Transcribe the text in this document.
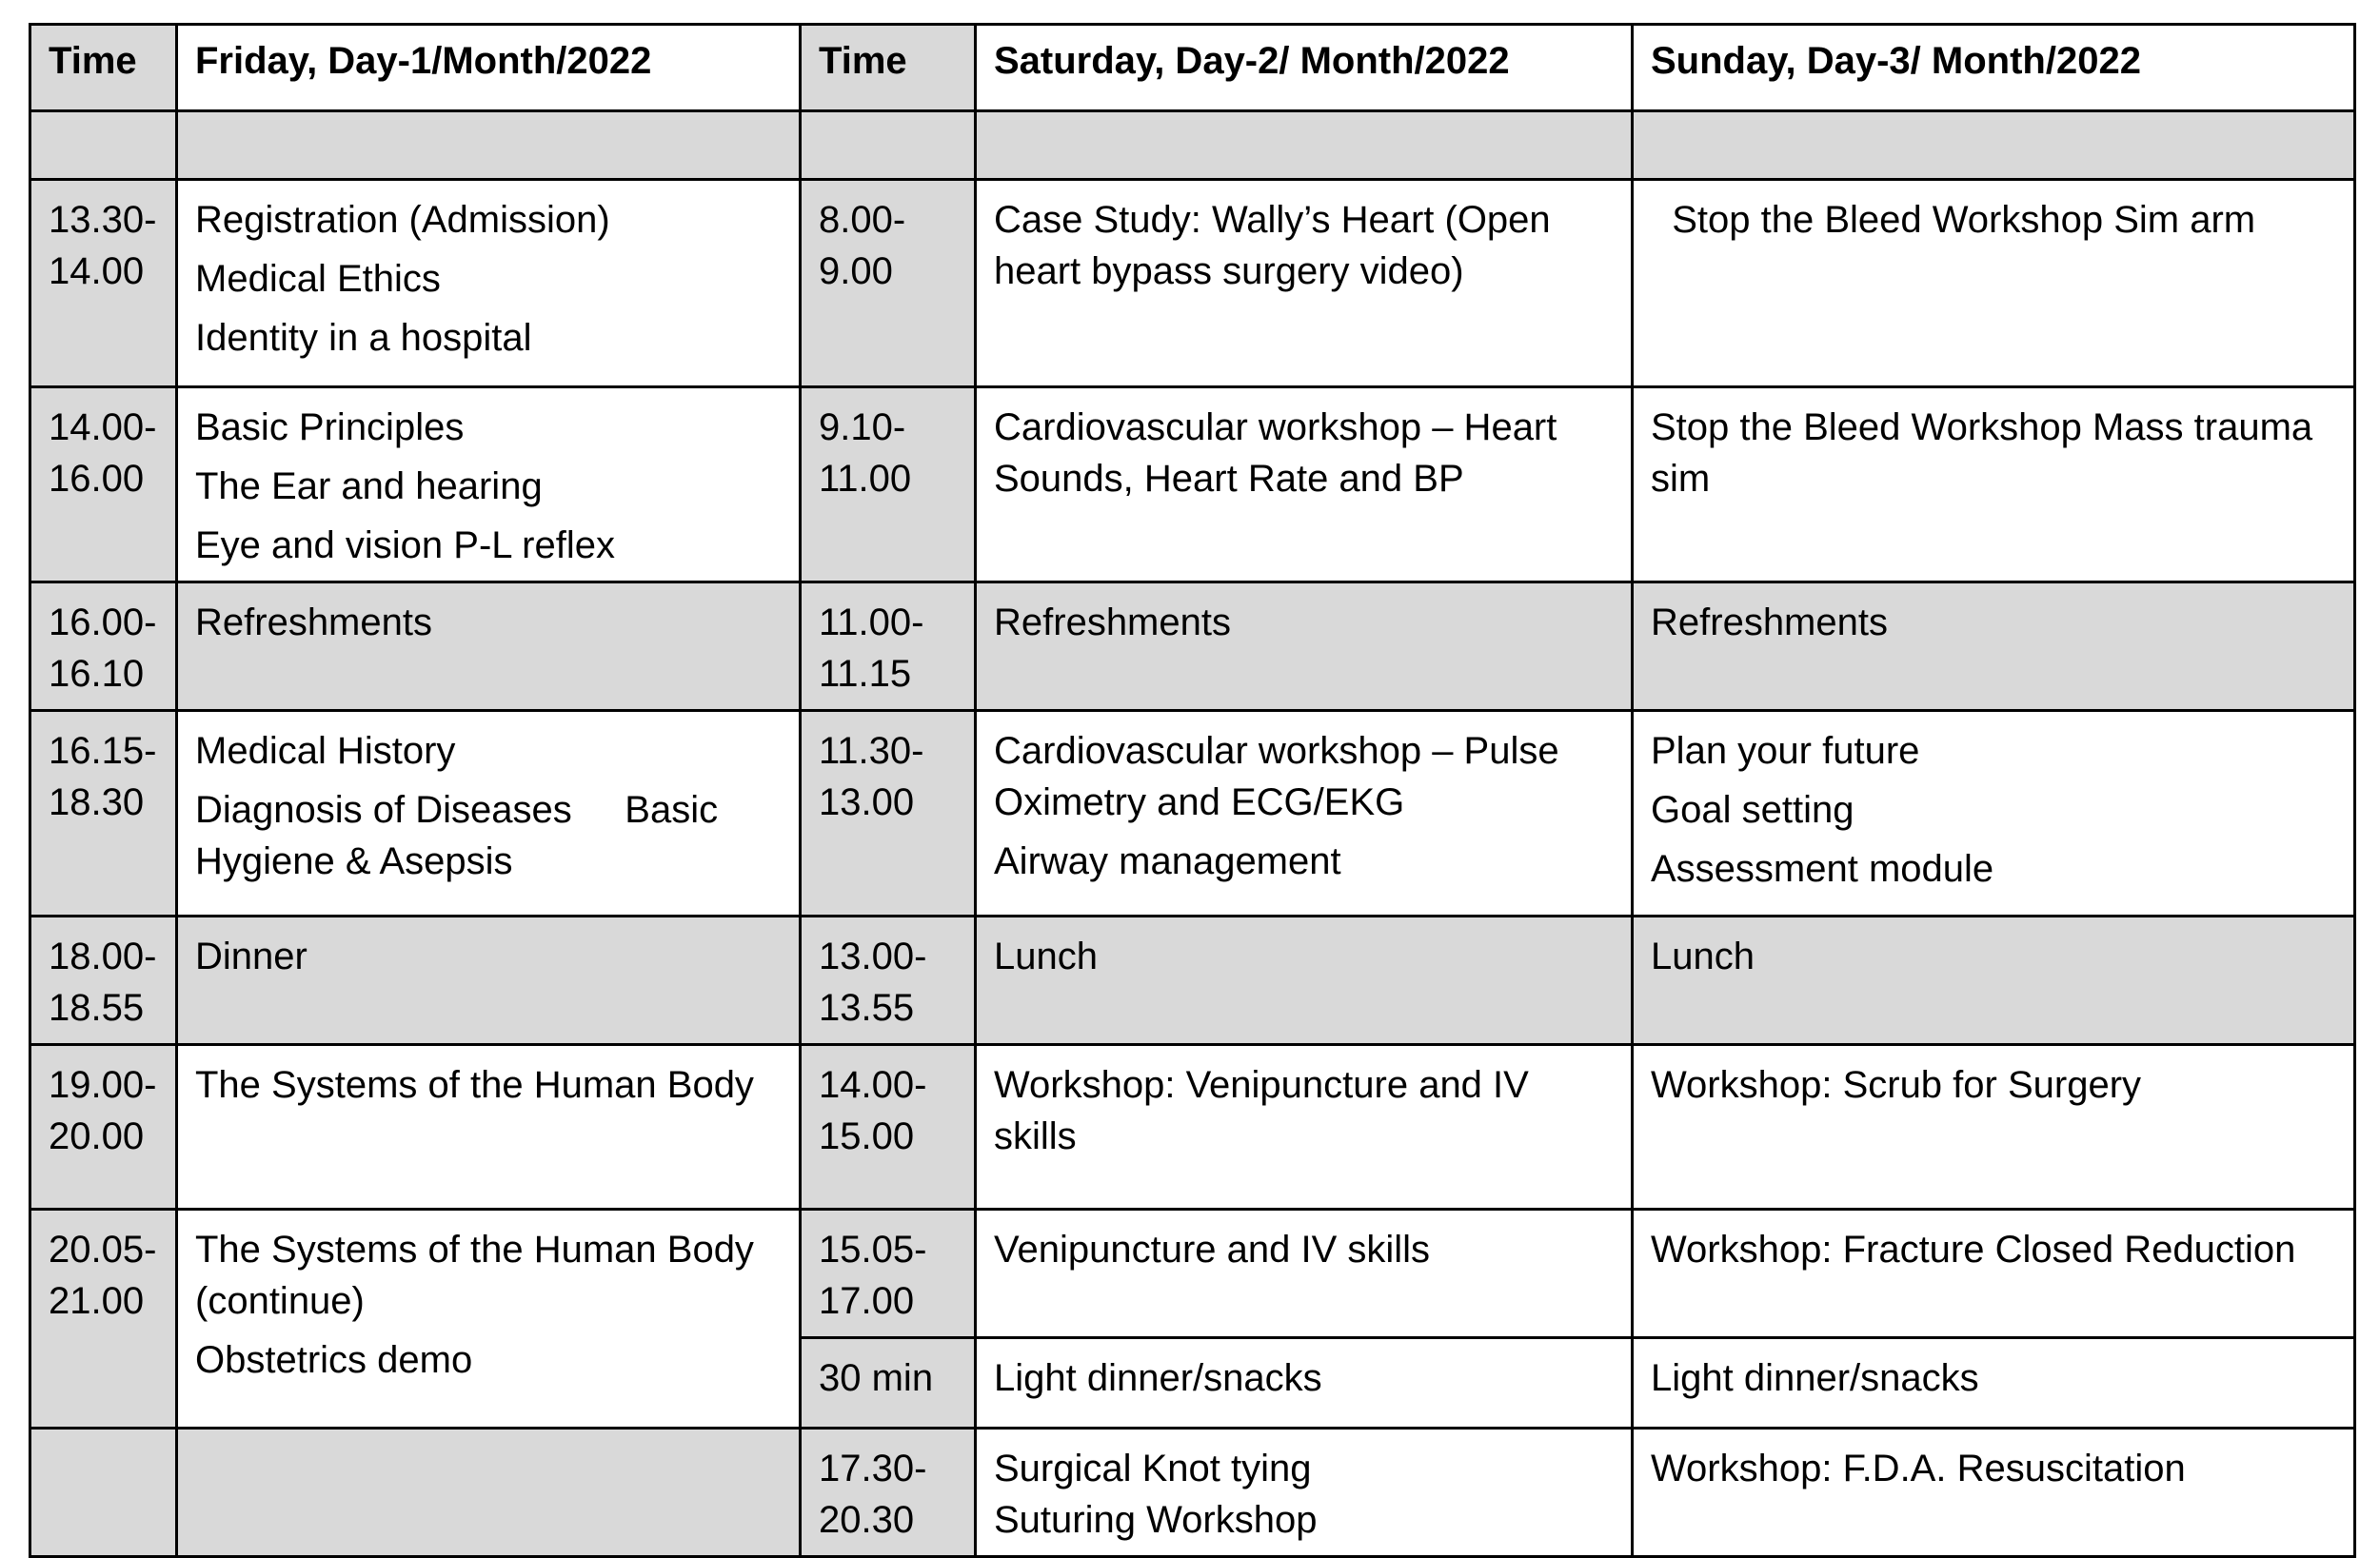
Time	Friday, Day-1/Month/2022	Time	Saturday, Day-2/ Month/2022	Sunday, Day-3/ Month/2022

13.30-
14.00	Registration (Admission)
Medical Ethics
Identity in a hospital	8.00-
9.00	Case Study: Wally’s Heart (Open
heart bypass surgery video)	Stop the Bleed Workshop Sim arm

14.00-
16.00	Basic Principles
The Ear and hearing
Eye and vision P-L reflex	9.10-
11.00	Cardiovascular workshop – Heart
Sounds, Heart Rate and BP	Stop the Bleed Workshop Mass trauma
sim

16.00-
16.10	Refreshments	11.00-
11.15	Refreshments	Refreshments

16.15-
18.30	Medical History
Diagnosis of Diseases     Basic
Hygiene & Asepsis	11.30-
13.00	Cardiovascular workshop – Pulse
Oximetry and ECG/EKG
Airway management	Plan your future
Goal setting
Assessment module

18.00-
18.55	Dinner	13.00-
13.55	Lunch	Lunch

19.00-
20.00	The Systems of the Human Body	14.00-
15.00	Workshop: Venipuncture and IV
skills	Workshop: Scrub for Surgery

20.05-
21.00	The Systems of the Human Body
(continue)
Obstetrics demo	15.05-
17.00	Venipuncture and IV skills	Workshop: Fracture Closed Reduction

		30 min	Light dinner/snacks	Light dinner/snacks

		17.30-
20.30	Surgical Knot tying
Suturing Workshop	Workshop: F.D.A. Resuscitation
